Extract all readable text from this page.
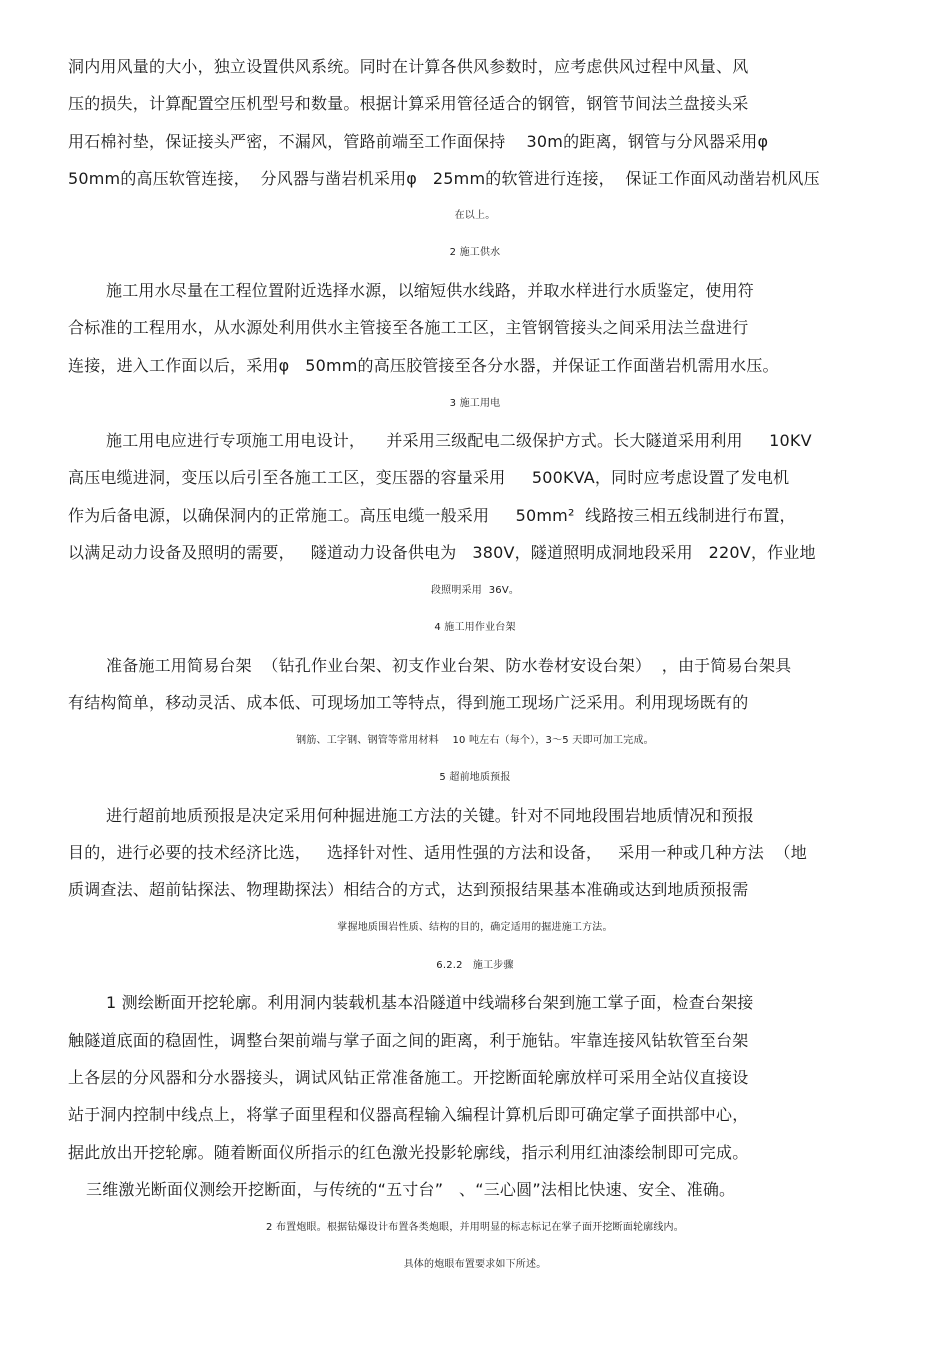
洞内用风量的大小，独立设置供风系统。同时在计算各供风参数时，应考虑供风过程中风量、风
压的损失，计算配置空压机型号和数量。根据计算采用管径适合的钢管，钢管节间法兰盘接头采
用石棉衬垫，保证接头严密，不漏风，管路前端至工作面保持    30m的距离，钢管与分风器采用φ
50mm的高压软管连接，  分风器与凿岩机采用φ   25mm的软管进行连接，  保证工作面风动凿岩机风压
在以上。
2 施工供水
施工用水尽量在工程位置附近选择水源，以缩短供水线路，并取水样进行水质鉴定，使用符
合标准的工程用水，从水源处利用供水主管接至各施工工区，主管钢管接头之间采用法兰盘进行
连接，进入工作面以后，采用φ   50mm的高压胶管接至各分水器，并保证工作面凿岩机需用水压。
3 施工用电
施工用电应进行专项施工用电设计，    并采用三级配电二级保护方式。长大隧道采用利用     10KV
高压电缆进洞，变压以后引至各施工工区，变压器的容量采用     500KVA，同时应考虑设置了发电机
作为后备电源，以确保洞内的正常施工。高压电缆一般采用     50mm²  线路按三相五线制进行布置，
以满足动力设备及照明的需要，   隧道动力设备供电为   380V，隧道照明成洞地段采用   220V，作业地
段照明采用  36V。
4 施工用作业台架
准备施工用简易台架  （钻孔作业台架、初支作业台架、防水卷材安设台架）  ，由于简易台架具
有结构简单，移动灵活、成本低、可现场加工等特点，得到施工现场广泛采用。利用现场既有的
钢筋、工字钢、钢管等常用材料    10 吨左右（每个），3～5 天即可加工完成。
5 超前地质预报
进行超前地质预报是决定采用何种掘进施工方法的关键。针对不同地段围岩地质情况和预报
目的，进行必要的技术经济比选，   选择针对性、适用性强的方法和设备，   采用一种或几种方法  （地
质调查法、超前钻探法、物理勘探法）相结合的方式，达到预报结果基本准确或达到地质预报需
掌握地质围岩性质、结构的目的，确定适用的掘进施工方法。
6.2.2   施工步骤
1 测绘断面开挖轮廓。利用洞内装载机基本沿隧道中线端移台架到施工掌子面，检查台架接
触隧道底面的稳固性，调整台架前端与掌子面之间的距离，利于施钻。牢靠连接风钻软管至台架
上各层的分风器和分水器接头，调试风钻正常准备施工。开挖断面轮廓放样可采用全站仪直接设
站于洞内控制中线点上，将掌子面里程和仪器高程输入编程计算机后即可确定掌子面拱部中心，
据此放出开挖轮廓。随着断面仪所指示的红色激光投影轮廓线，指示利用红油漆绘制即可完成。
三维激光断面仪测绘开挖断面，与传统的“五寸台”   、“三心圆”法相比快速、安全、准确。
2 布置炮眼。根据钻爆设计布置各类炮眼，并用明显的标志标记在掌子面开挖断面轮廓线内。
具体的炮眼布置要求如下所述。
